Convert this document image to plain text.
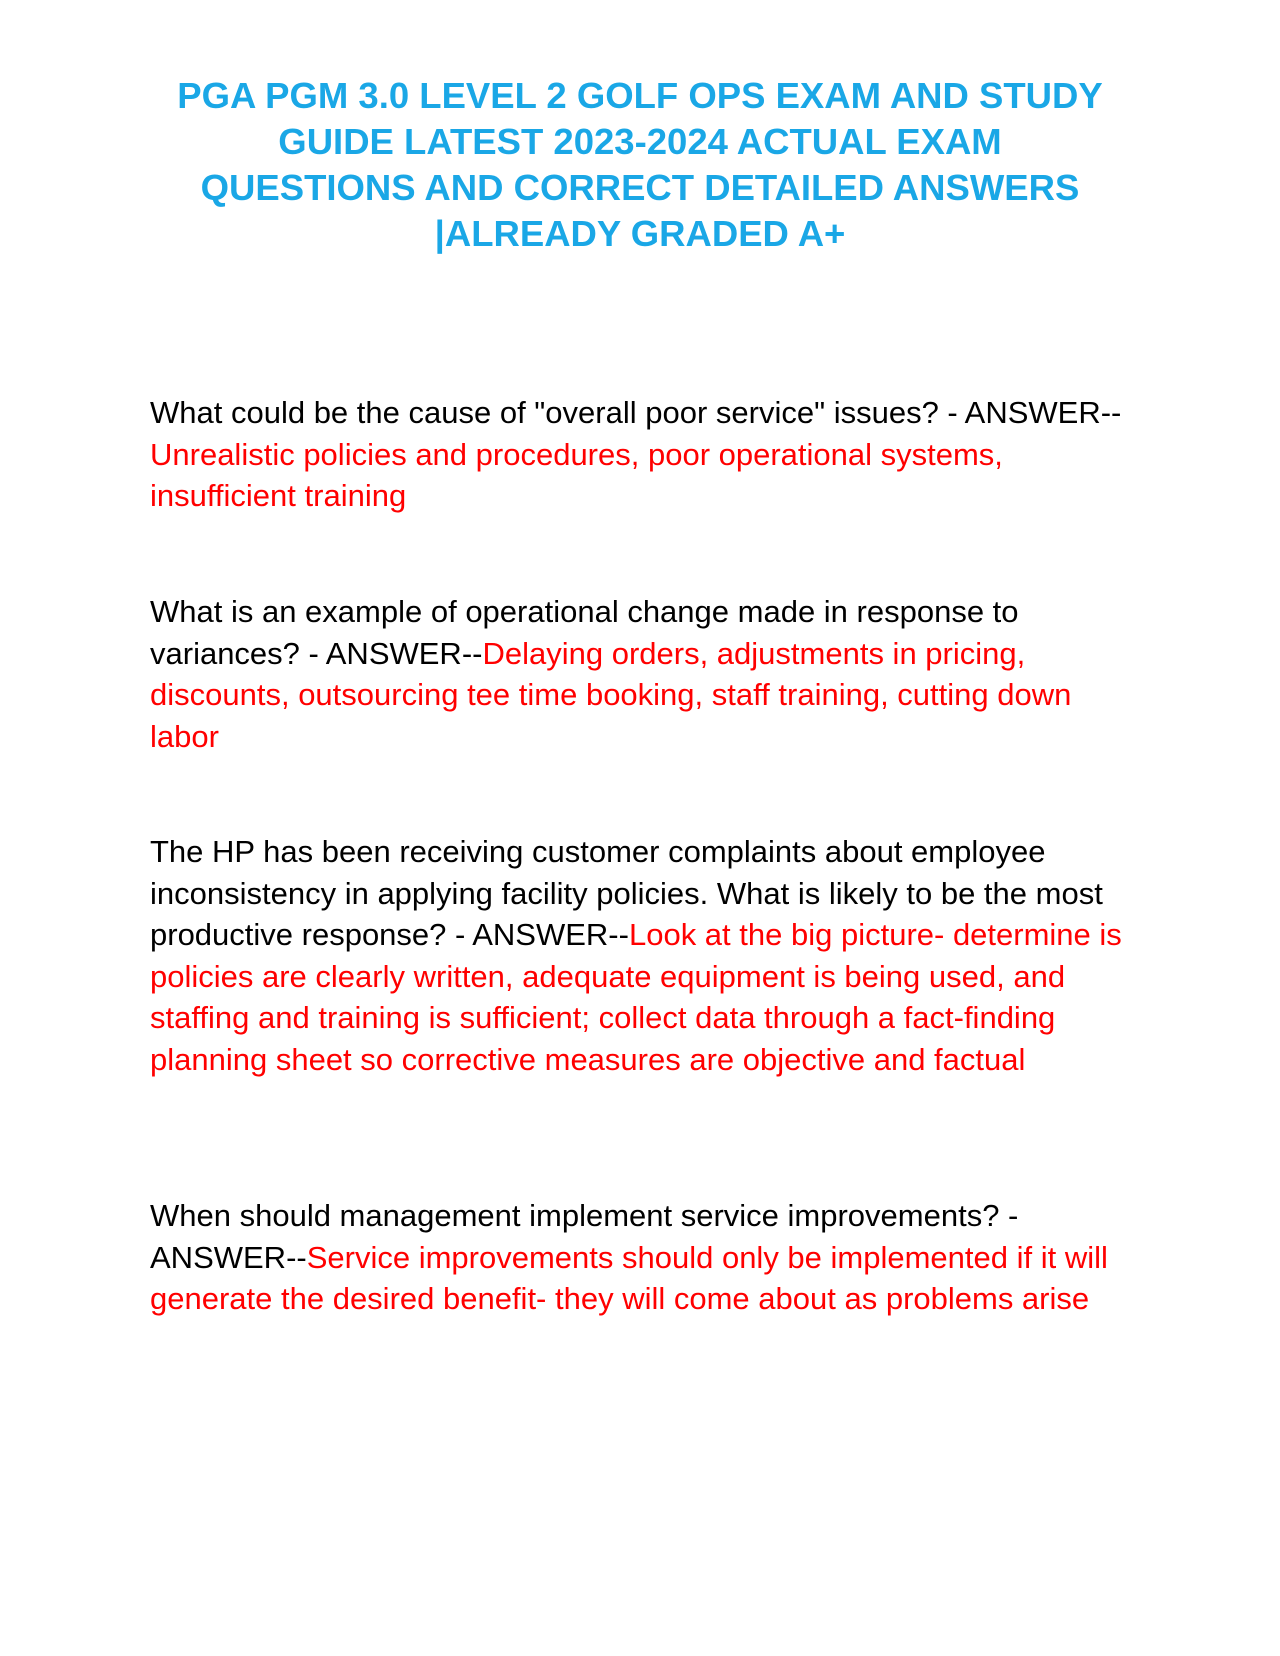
PGA PGM 3.0 LEVEL 2 GOLF OPS EXAM AND STUDY
GUIDE LATEST 2023-2024 ACTUAL EXAM
QUESTIONS AND CORRECT DETAILED ANSWERS
|ALREADY GRADED A+

What could be the cause of "overall poor service" issues? - ANSWER--Unrealistic policies and procedures, poor operational systems, insufficient training

What is an example of operational change made in response to variances? - ANSWER--Delaying orders, adjustments in pricing, discounts, outsourcing tee time booking, staff training, cutting down labor

The HP has been receiving customer complaints about employee inconsistency in applying facility policies. What is likely to be the most productive response? - ANSWER--Look at the big picture- determine is policies are clearly written, adequate equipment is being used, and staffing and training is sufficient; collect data through a fact-finding planning sheet so corrective measures are objective and factual

When should management implement service improvements? - ANSWER--Service improvements should only be implemented if it will generate the desired benefit- they will come about as problems arise
